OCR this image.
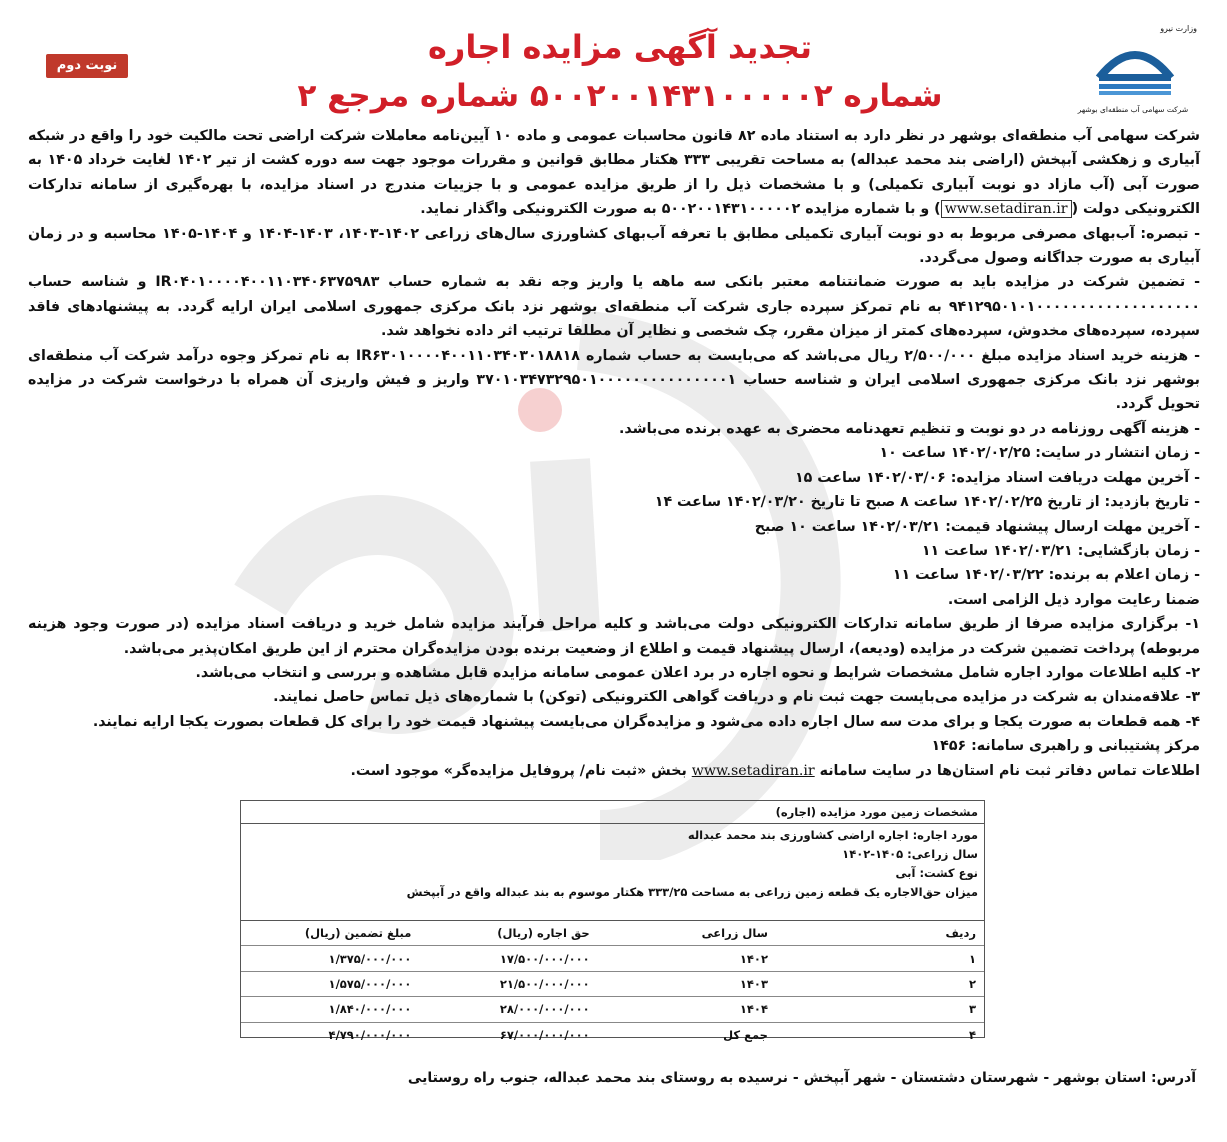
وزارت نیرو
شرکت سهامی آب منطقه‌ای بوشهر
نوبت دوم	تجدید آگهی مزایده اجاره
شماره ۵۰۰۲۰۰۱۴۳۱۰۰۰۰۰۲ شماره مرجع ۲

شرکت سهامی آب منطقه‌ای بوشهر در نظر دارد به استناد ماده ۸۲ قانون محاسبات عمومی و ماده ۱۰ آیین‌نامه معاملات شرکت اراضی تحت مالکیت خود را واقع در شبکه آبیاری و زهکشی آبپخش (اراضی بند محمد عبداله) به مساحت تقریبی ۳۳۳ هکتار مطابق قوانین و مقررات موجود جهت سه دوره کشت از تیر ۱۴۰۲ لغایت خرداد ۱۴۰۵ به صورت آبی (آب مازاد دو نوبت آبیاری تکمیلی) و با مشخصات ذیل را از طریق مزایده عمومی و با جزییات مندرج در اسناد مزایده، با بهره‌گیری از سامانه تدارکات الکترونیکی دولت (www.setadiran.ir) و با شماره مزایده ۵۰۰۲۰۰۱۴۳۱۰۰۰۰۰۲ به صورت الکترونیکی واگذار نماید.

- تبصره: آب‌بهای مصرفی مربوط به دو نوبت آبیاری تکمیلی مطابق با تعرفه آب‌بهای کشاورزی سال‌های زراعی ۱۴۰۲-۱۴۰۳، ۱۴۰۳-۱۴۰۴ و ۱۴۰۴-۱۴۰۵ محاسبه و در زمان آبیاری به صورت جداگانه وصول می‌گردد.

- تضمین شرکت در مزایده باید به صورت ضمانتنامه معتبر بانکی سه ماهه یا واریز وجه نقد به شماره حساب IR۰۴۰۱۰۰۰۰۴۰۰۱۱۰۳۴۰۶۳۷۵۹۸۳ و شناسه حساب ۹۴۱۲۹۵۰۱۰۱۰۰۰۰۰۰۰۰۰۰۰۰۰۰۰۰۰۰۰ به نام تمرکز سپرده جاری شرکت آب منطقه‌ای بوشهر نزد بانک مرکزی جمهوری اسلامی ایران ارایه گردد. به پیشنهادهای فاقد سپرده، سپرده‌های مخدوش، سپرده‌های کمتر از میزان مقرر، چک شخصی و نظایر آن مطلقا ترتیب اثر داده نخواهد شد.

- هزینه خرید اسناد مزایده مبلغ ۲/۵۰۰/۰۰۰ ریال می‌باشد که می‌بایست به حساب شماره IR۶۳۰۱۰۰۰۰۴۰۰۱۱۰۳۴۰۳۰۱۸۸۱۸ به نام تمرکز وجوه درآمد شرکت آب منطقه‌ای بوشهر نزد بانک مرکزی جمهوری اسلامی ایران و شناسه حساب ۳۷۰۱۰۳۴۷۳۲۹۵۰۱۰۰۰۰۰۰۰۰۰۰۰۰۰۰۰۱ واریز و فیش واریزی آن همراه با درخواست شرکت در مزایده تحویل گردد.

- هزینه آگهی روزنامه در دو نوبت و تنظیم تعهدنامه محضری به عهده برنده می‌باشد.

- زمان انتشار در سایت: ۱۴۰۲/۰۲/۲۵ ساعت ۱۰

- آخرین مهلت دریافت اسناد مزایده: ۱۴۰۲/۰۳/۰۶ ساعت ۱۵

- تاریخ بازدید: از تاریخ ۱۴۰۲/۰۲/۲۵ ساعت ۸ صبح تا تاریخ ۱۴۰۲/۰۳/۲۰ ساعت ۱۴

- آخرین مهلت ارسال پیشنهاد قیمت: ۱۴۰۲/۰۳/۲۱ ساعت ۱۰ صبح

- زمان بازگشایی: ۱۴۰۲/۰۳/۲۱ ساعت ۱۱

- زمان اعلام به برنده: ۱۴۰۲/۰۳/۲۲ ساعت ۱۱

ضمنا رعایت موارد ذیل الزامی است.

۱- برگزاری مزایده صرفا از طریق سامانه تدارکات الکترونیکی دولت می‌باشد و کلیه مراحل فرآیند مزایده شامل خرید و دریافت اسناد مزایده (در صورت وجود هزینه مربوطه) پرداخت تضمین شرکت در مزایده (ودیعه)، ارسال پیشنهاد قیمت و اطلاع از وضعیت برنده بودن مزایده‌گران محترم از این طریق امکان‌پذیر می‌باشد.

۲- کلیه اطلاعات موارد اجاره شامل مشخصات شرایط و نحوه اجاره در برد اعلان عمومی سامانه مزایده قابل مشاهده و بررسی و انتخاب می‌باشد.

۳- علاقه‌مندان به شرکت در مزایده می‌بایست جهت ثبت نام و دریافت گواهی الکترونیکی (توکن) با شماره‌های ذیل تماس حاصل نمایند.

۴- همه قطعات به صورت یکجا و برای مدت سه سال اجاره داده می‌شود و مزایده‌گران می‌بایست پیشنهاد قیمت خود را برای کل قطعات بصورت یکجا ارایه نمایند.

مرکز پشتیبانی و راهبری سامانه: ۱۴۵۶

اطلاعات تماس دفاتر ثبت نام استان‌ها در سایت سامانه www.setadiran.ir بخش «ثبت نام/ پروفایل مزایده‌گر» موجود است.

مشخصات زمین مورد مزایده (اجاره)
مورد اجاره: اجاره اراضی کشاورزی بند محمد عبداله
سال زراعی: ۱۴۰۵-۱۴۰۲
نوع کشت: آبی
میزان حق‌الاجاره یک قطعه زمین زراعی به مساحت ۳۳۳/۲۵ هکتار موسوم به بند عبداله واقع در آبپخش
ردیف	سال زراعی	حق اجاره (ریال)	مبلغ تضمین (ریال)
۱	۱۴۰۲	۱۷/۵۰۰/۰۰۰/۰۰۰	۱/۳۷۵/۰۰۰/۰۰۰
۲	۱۴۰۳	۲۱/۵۰۰/۰۰۰/۰۰۰	۱/۵۷۵/۰۰۰/۰۰۰
۳	۱۴۰۴	۲۸/۰۰۰/۰۰۰/۰۰۰	۱/۸۴۰/۰۰۰/۰۰۰
۴	جمع کل	۶۷/۰۰۰/۰۰۰/۰۰۰	۴/۷۹۰/۰۰۰/۰۰۰
آدرس: استان بوشهر - شهرستان دشتستان - شهر آبپخش - نرسیده به روستای بند محمد عبداله، جنوب راه روستایی
